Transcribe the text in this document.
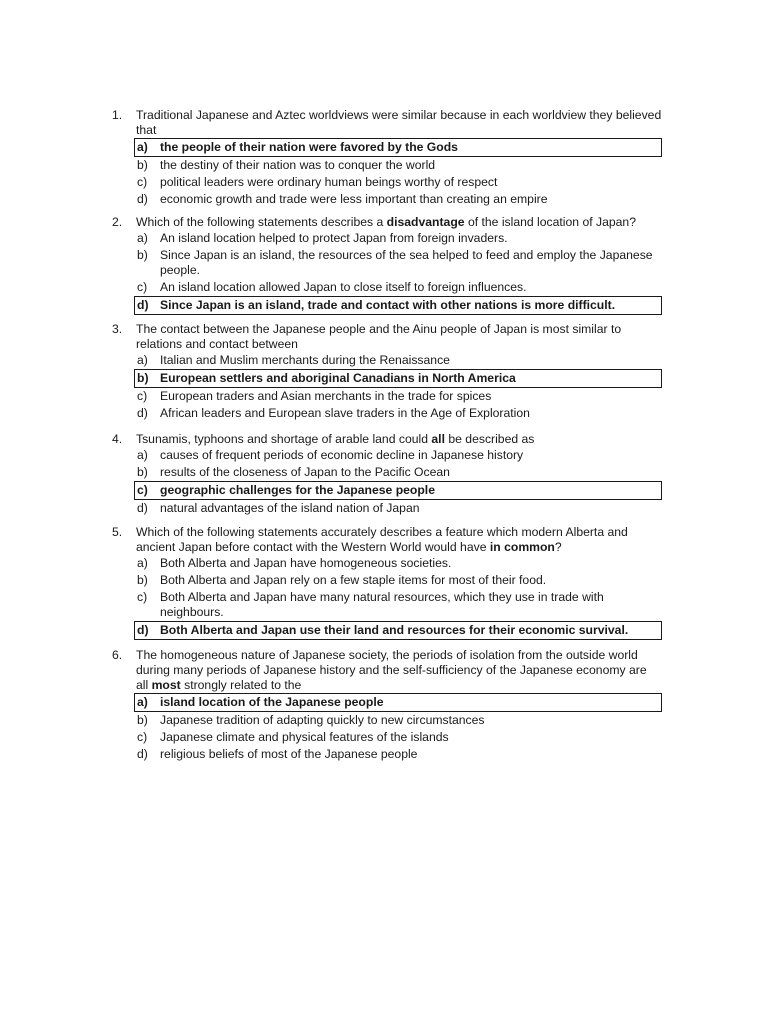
1.	Traditional Japanese and Aztec worldviews were similar because in each worldview they believed that
a) the people of their nation were favored by the Gods
b) the destiny of their nation was to conquer the world
c)	political leaders were ordinary human beings worthy of respect
d) economic growth and trade were less important than creating an empire
2.	Which of the following statements describes a disadvantage of the island location of Japan?
a) An island location helped to protect Japan from foreign invaders.
b) Since Japan is an island, the resources of the sea helped to feed and employ the Japanese people.
c)	An island location allowed Japan to close itself to foreign influences.
d) Since Japan is an island, trade and contact with other nations is more difficult.
3.	The contact between the Japanese people and the Ainu people of Japan is most similar to relations and contact between
a) Italian and Muslim merchants during the Renaissance
b) European settlers and aboriginal Canadians in North America
c)	European traders and Asian merchants in the trade for spices
d) African leaders and European slave traders in the Age of Exploration
4.	Tsunamis, typhoons and shortage of arable land could all be described as
a) causes of frequent periods of economic decline in Japanese history
b) results of the closeness of Japan to the Pacific Ocean
c) geographic challenges for the Japanese people
d) natural advantages of the island nation of Japan
5.	Which of the following statements accurately describes a feature which modern Alberta and ancient Japan before contact with the Western World would have in common?
a) Both Alberta and Japan have homogeneous societies.
b) Both Alberta and Japan rely on a few staple items for most of their food.
c)	Both Alberta and Japan have many natural resources, which they use in trade with neighbours.
d) Both Alberta and Japan use their land and resources for their economic survival.
6.	The homogeneous nature of Japanese society, the periods of isolation from the outside world during many periods of Japanese history and the self-sufficiency of the Japanese economy are all most strongly related to the
a) island location of the Japanese people
b) Japanese tradition of adapting quickly to new circumstances
c)	Japanese climate and physical features of the islands
d) religious beliefs of most of the Japanese people
